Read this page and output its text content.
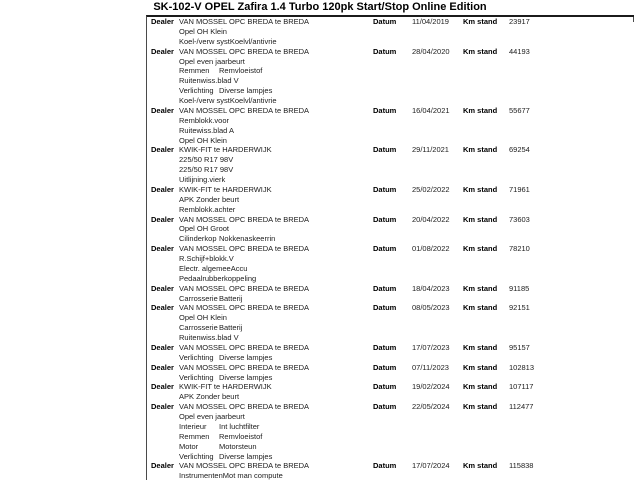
SK-102-V OPEL Zafira 1.4 Turbo 120pk Start/Stop Online Edition
Dealer VAN MOSSEL OPC BREDA te BREDA	Datum	11/04/2019	Km stand	23917
Opel OH Klein
Koel-/verw syst Koelvl/antivrie
Dealer VAN MOSSEL OPC BREDA te BREDA	Datum	28/04/2020	Km stand	44193
Opel even jaarbeurt
Remmen	Remvloeistof
Ruitenwiss.blad V
Verlichting Diverse lampjes
Koel-/verw syst Koelvl/antivrie
Dealer VAN MOSSEL OPC BREDA te BREDA	Datum	16/04/2021	Km stand	55677
Remblokk.voor
Ruitewiss.blad A
Opel OH Klein
Dealer KWIK-FIT te HARDERWIJK	Datum	29/11/2021	Km stand	69254
225/50 R17 98V
225/50 R17 98V
Uitlijning.vierk
Dealer KWIK-FIT te HARDERWIJK	Datum	25/02/2022	Km stand	71961
APK Zonder beurt
Remblokk.achter
Dealer VAN MOSSEL OPC BREDA te BREDA	Datum	20/04/2022	Km stand	73603
Opel OH Groot
Cilinderkop Nokkenaskeerrin
Dealer VAN MOSSEL OPC BREDA te BREDA	Datum	01/08/2022	Km stand	78210
R.Schijf+blokk.V
Electr. algemee Accu
Pedaalrubber koppeling
Dealer VAN MOSSEL OPC BREDA te BREDA	Datum	18/04/2023	Km stand	91185
Carrosserie Batterij
Dealer VAN MOSSEL OPC BREDA te BREDA	Datum	08/05/2023	Km stand	92151
Opel OH Klein
Carrosserie Batterij
Ruitenwiss.blad V
Dealer VAN MOSSEL OPC BREDA te BREDA	Datum	17/07/2023	Km stand	95157
Verlichting Diverse lampjes
Dealer VAN MOSSEL OPC BREDA te BREDA	Datum	07/11/2023	Km stand	102813
Verlichting Diverse lampjes
Dealer KWIK-FIT te HARDERWIJK	Datum	19/02/2024	Km stand	107117
APK Zonder beurt
Dealer VAN MOSSEL OPC BREDA te BREDA	Datum	22/05/2024	Km stand	112477
Opel even jaarbeurt
Interieur	Int luchtfilter
Remmen	Remvloeistof
Motor	Motorsteun
Verlichting Diverse lampjes
Dealer VAN MOSSEL OPC BREDA te BREDA	Datum	17/07/2024	Km stand	115838
Instrumenten Mot man compute
